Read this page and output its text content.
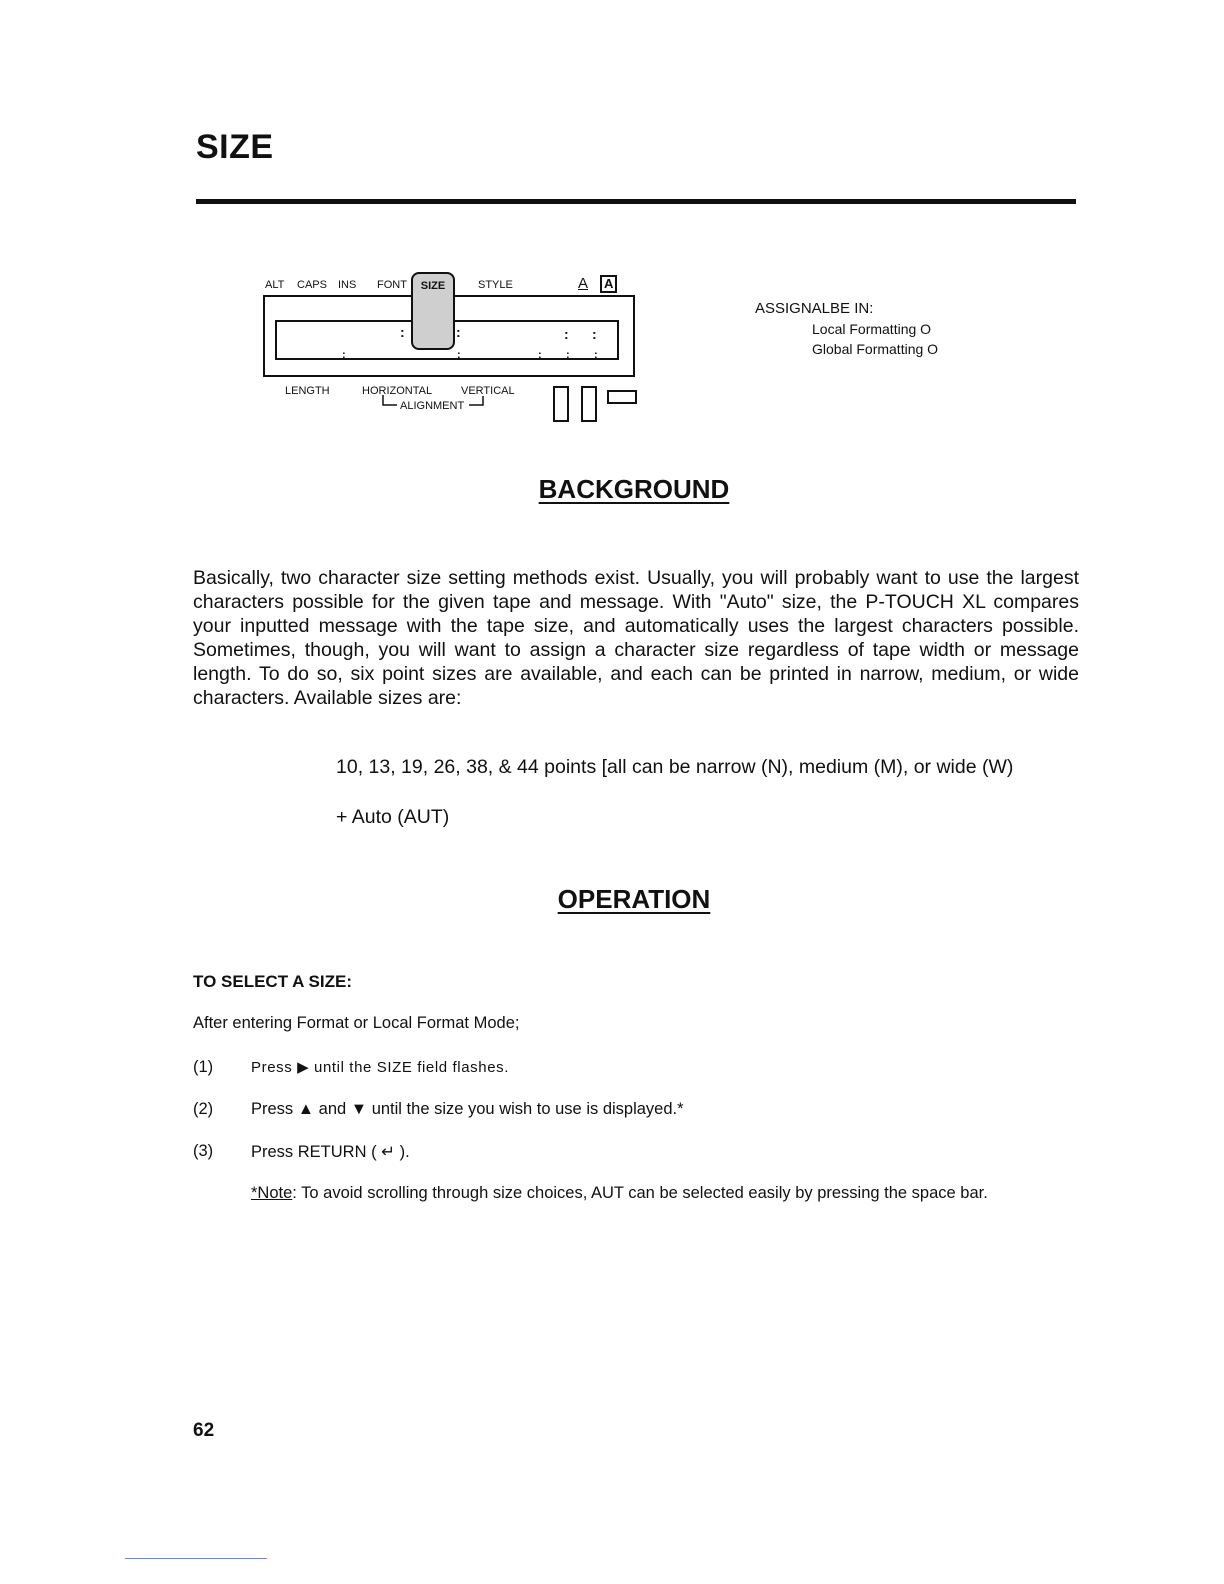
SIZE
ALT CAPS INS FONT	STYLE	A	A
SIZE
:	:	: :
:	:	: : :
LENGTH	HORIZONTAL	VERTICAL
ALIGNMENT
ASSIGNALBE IN:
Local Formatting O
Global Formatting O
BACKGROUND
Basically, two character size setting methods exist. Usually, you will probably want to use the largest characters possible for the given tape and message. With "Auto" size, the P-TOUCH XL compares your inputted message with the tape size, and automatically uses the largest characters possible. Sometimes, though, you will want to assign a character size regardless of tape width or message length. To do so, six point sizes are available, and each can be printed in narrow, medium, or wide characters. Available sizes are:
10, 13, 19, 26, 38, & 44 points [all can be narrow (N), medium (M), or wide (W)
+ Auto (AUT)
OPERATION
TO SELECT A SIZE:
After entering Format or Local Format Mode;
(1)	Press ▶ until the SIZE field flashes.
(2) Press ▲ and ▼ until the size you wish to use is displayed.*
(3) Press RETURN ( ↵ ).
*Note: To avoid scrolling through size choices, AUT can be selected easily by pressing the space bar.
62
